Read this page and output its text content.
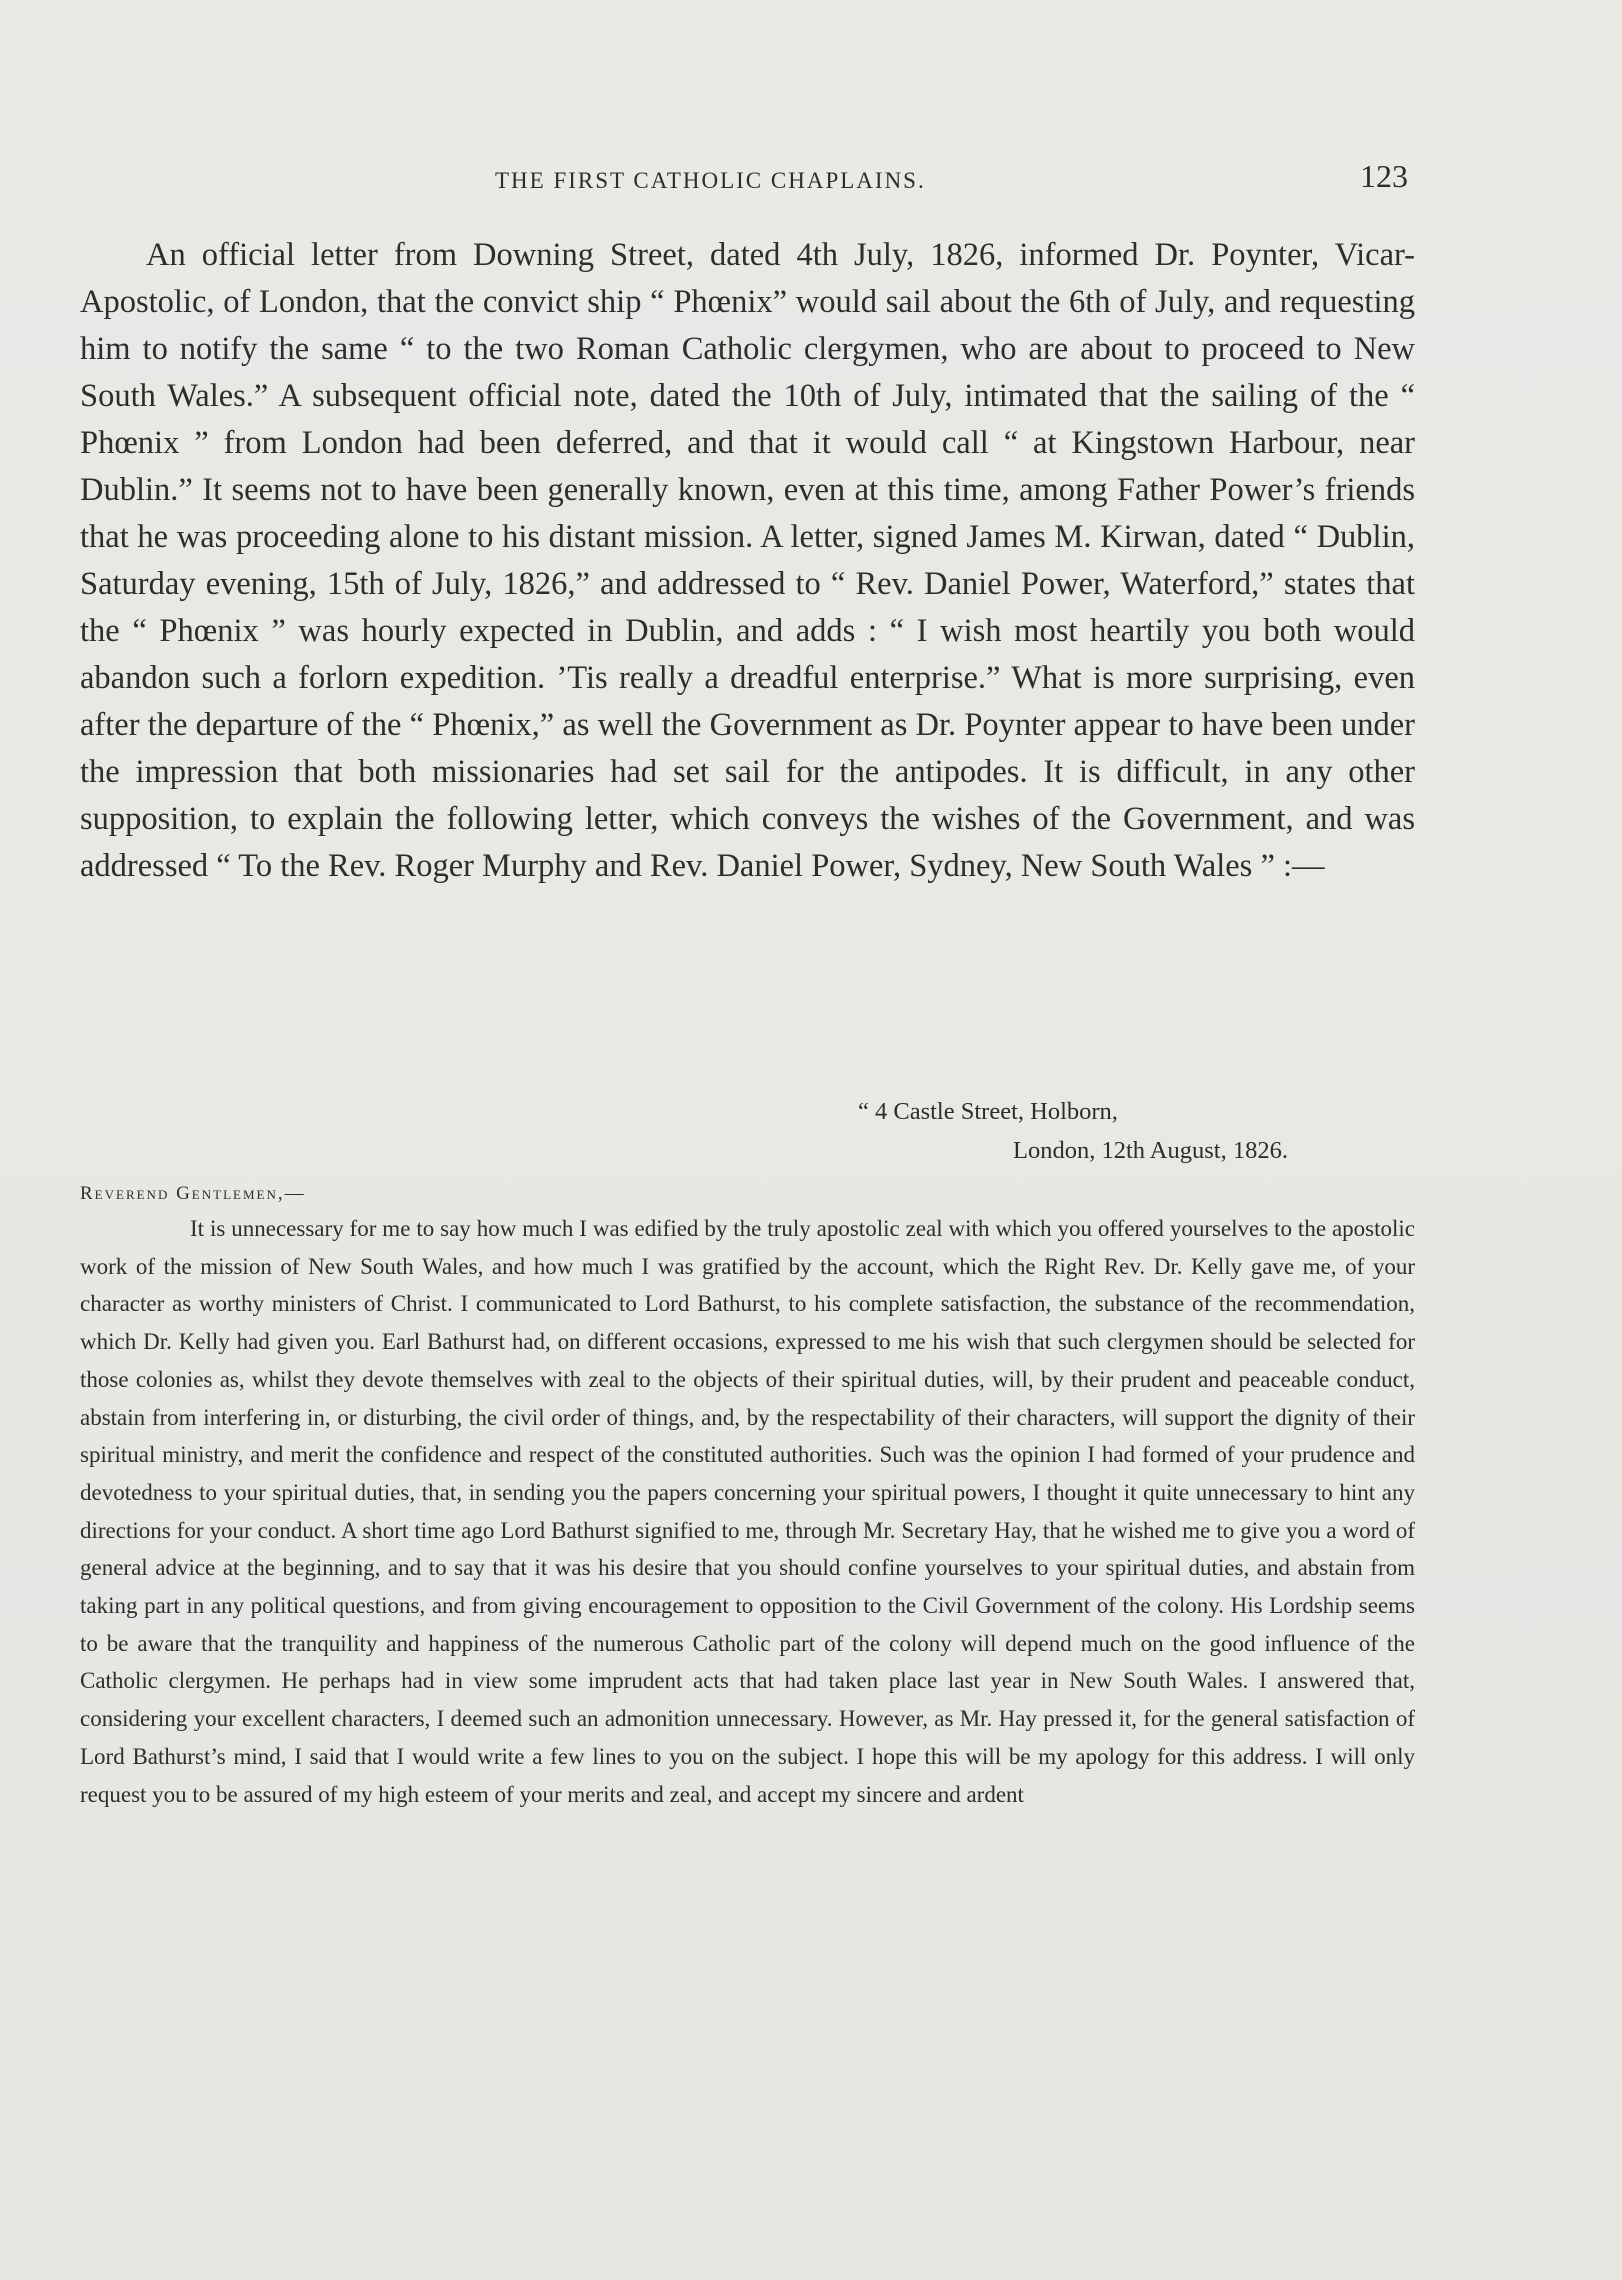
THE FIRST CATHOLIC CHAPLAINS.	123

An official letter from Downing Street, dated 4th July, 1826, informed Dr. Poynter, Vicar-Apostolic, of London, that the convict ship “ Phœnix” would sail about the 6th of July, and requesting him to notify the same “ to the two Roman Catholic clergymen, who are about to proceed to New South Wales.” A subsequent official note, dated the 10th of July, intimated that the sailing of the “ Phœnix ” from London had been deferred, and that it would call “ at Kingstown Harbour, near Dublin.” It seems not to have been generally known, even at this time, among Father Power’s friends that he was proceeding alone to his distant mission. A letter, signed James M. Kirwan, dated “ Dublin, Saturday evening, 15th of July, 1826,” and addressed to “ Rev. Daniel Power, Waterford,” states that the “ Phœnix ” was hourly expected in Dublin, and adds : “ I wish most heartily you both would abandon such a forlorn expedition. ’Tis really a dreadful enterprise.” What is more surprising, even after the departure of the “ Phœnix,” as well the Government as Dr. Poynter appear to have been under the impression that both missionaries had set sail for the antipodes. It is difficult, in any other supposition, to explain the following letter, which conveys the wishes of the Government, and was addressed “ To the Rev. Roger Murphy and Rev. Daniel Power, Sydney, New South Wales ” :—

“ 4 Castle Street, Holborn,
London, 12th August, 1826.
Reverend Gentlemen,—

It is unnecessary for me to say how much I was edified by the truly apostolic zeal with which you offered yourselves to the apostolic work of the mission of New South Wales, and how much I was gratified by the account, which the Right Rev. Dr. Kelly gave me, of your character as worthy ministers of Christ. I communicated to Lord Bathurst, to his complete satisfaction, the substance of the recommendation, which Dr. Kelly had given you. Earl Bathurst had, on different occasions, expressed to me his wish that such clergymen should be selected for those colonies as, whilst they devote themselves with zeal to the objects of their spiritual duties, will, by their prudent and peaceable conduct, abstain from interfering in, or disturbing, the civil order of things, and, by the respectability of their characters, will support the dignity of their spiritual ministry, and merit the confidence and respect of the constituted authorities. Such was the opinion I had formed of your prudence and devotedness to your spiritual duties, that, in sending you the papers concerning your spiritual powers, I thought it quite unnecessary to hint any directions for your conduct. A short time ago Lord Bathurst signified to me, through Mr. Secretary Hay, that he wished me to give you a word of general advice at the beginning, and to say that it was his desire that you should confine yourselves to your spiritual duties, and abstain from taking part in any political questions, and from giving encouragement to opposition to the Civil Government of the colony. His Lordship seems to be aware that the tranquility and happiness of the numerous Catholic part of the colony will depend much on the good influence of the Catholic clergymen. He perhaps had in view some imprudent acts that had taken place last year in New South Wales. I answered that, considering your excellent characters, I deemed such an admonition unnecessary. However, as Mr. Hay pressed it, for the general satisfaction of Lord Bathurst’s mind, I said that I would write a few lines to you on the subject. I hope this will be my apology for this address. I will only request you to be assured of my high esteem of your merits and zeal, and accept my sincere and ardent
